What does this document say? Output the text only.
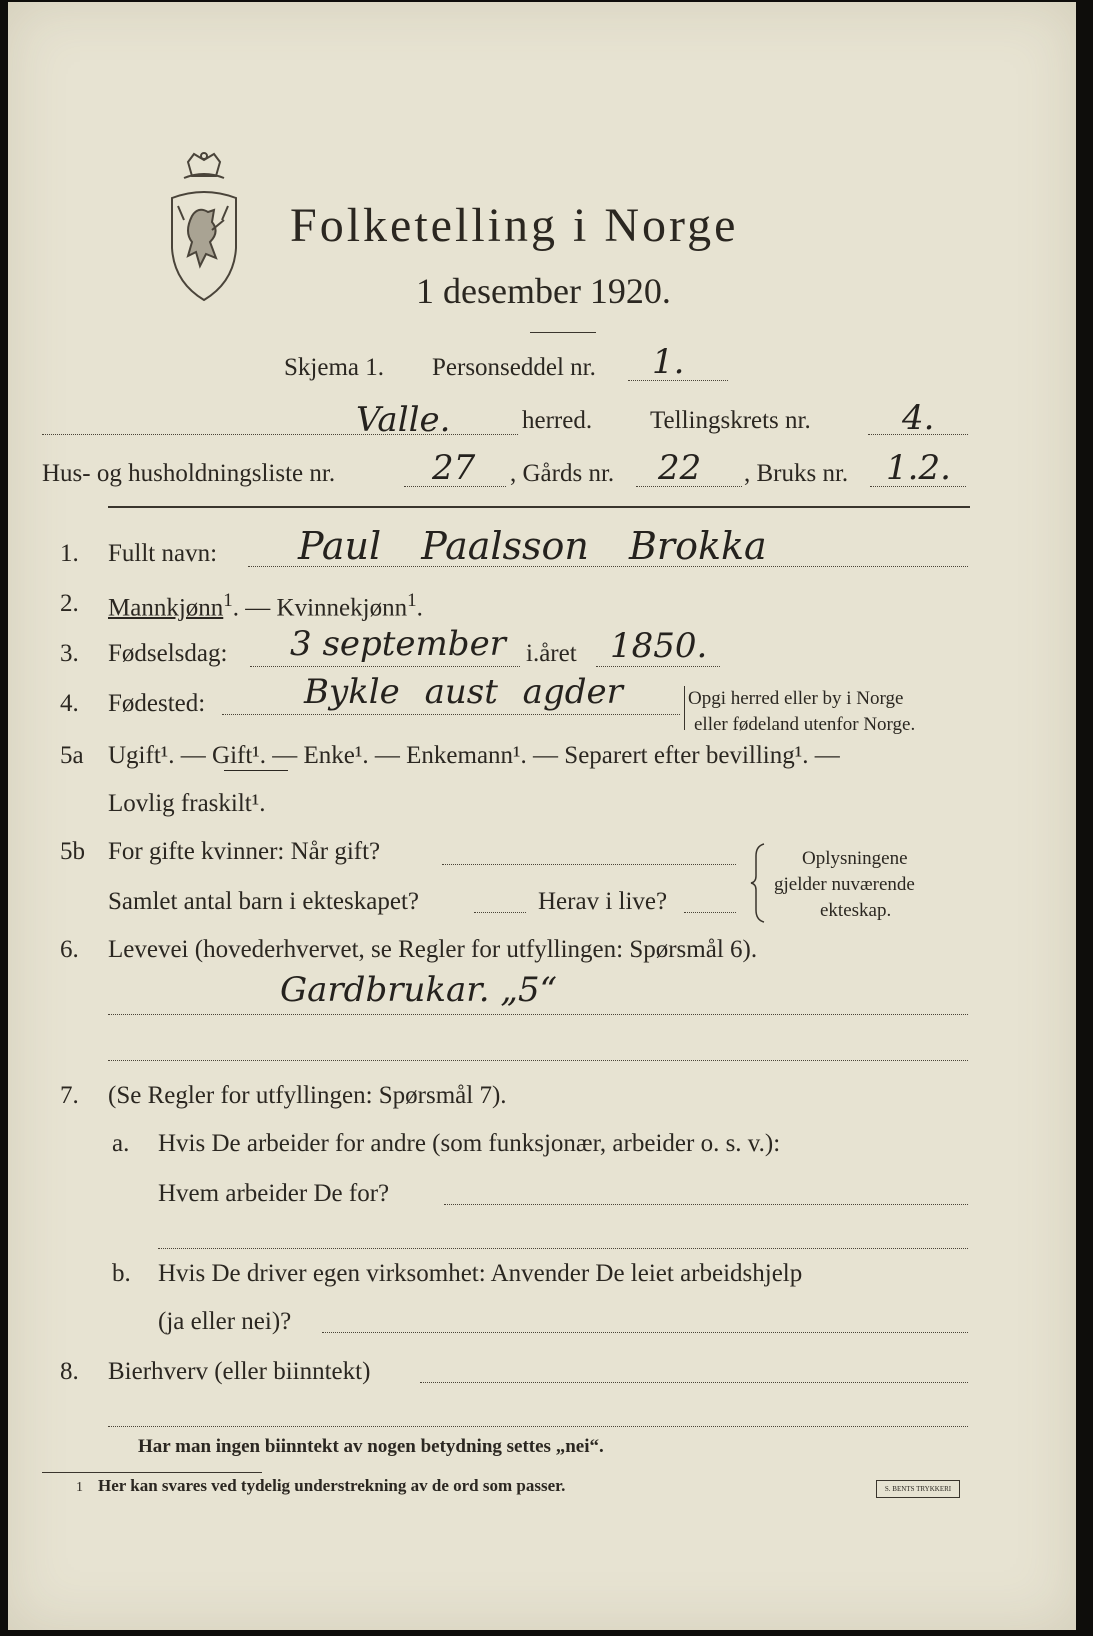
Folketelling i Norge
1 desember 1920.
Skjema 1. Personseddel nr. 1.
Valle.	herred. Tellingskrets nr.	4.
Hus- og husholdningsliste nr.	27 , Gårds nr. 22 , Bruks nr. 1.2.
1. Fullt navn: Paul Paalsson Brokka
2. Mannkjønn$^1$. — Kvinnekjønn$^1$.
3. Fødselsdag: 3 september i.året 1850.
4. Fødested:	Bykle aust agder	Opgi herred eller by i Norge
eller fødeland utenfor Norge.
5a Ugift¹. — Gift¹. — Enke¹. — Enkemann¹. — Separert efter bevilling¹. —
Lovlig fraskilt¹.
5b For gifte kvinner: Når gift?
Samlet antal barn i ekteskapet?	Herav i live?
Oplysningene
gjelder nuværende
ekteskap.
6. Levevei (hovederhvervet, se Regler for utfyllingen: Spørsmål 6).
Gardbrukar. „5“
7. (Se Regler for utfyllingen: Spørsmål 7).
a. Hvis De arbeider for andre (som funksjonær, arbeider o. s. v.):
Hvem arbeider De for?
b. Hvis De driver egen virksomhet: Anvender De leiet arbeidshjelp
(ja eller nei)?
8. Bierhverv (eller biinntekt)
Har man ingen biinntekt av nogen betydning settes „nei“.
1 Her kan svares ved tydelig understrekning av de ord som passer.	S. BENTS TRYKKERI
